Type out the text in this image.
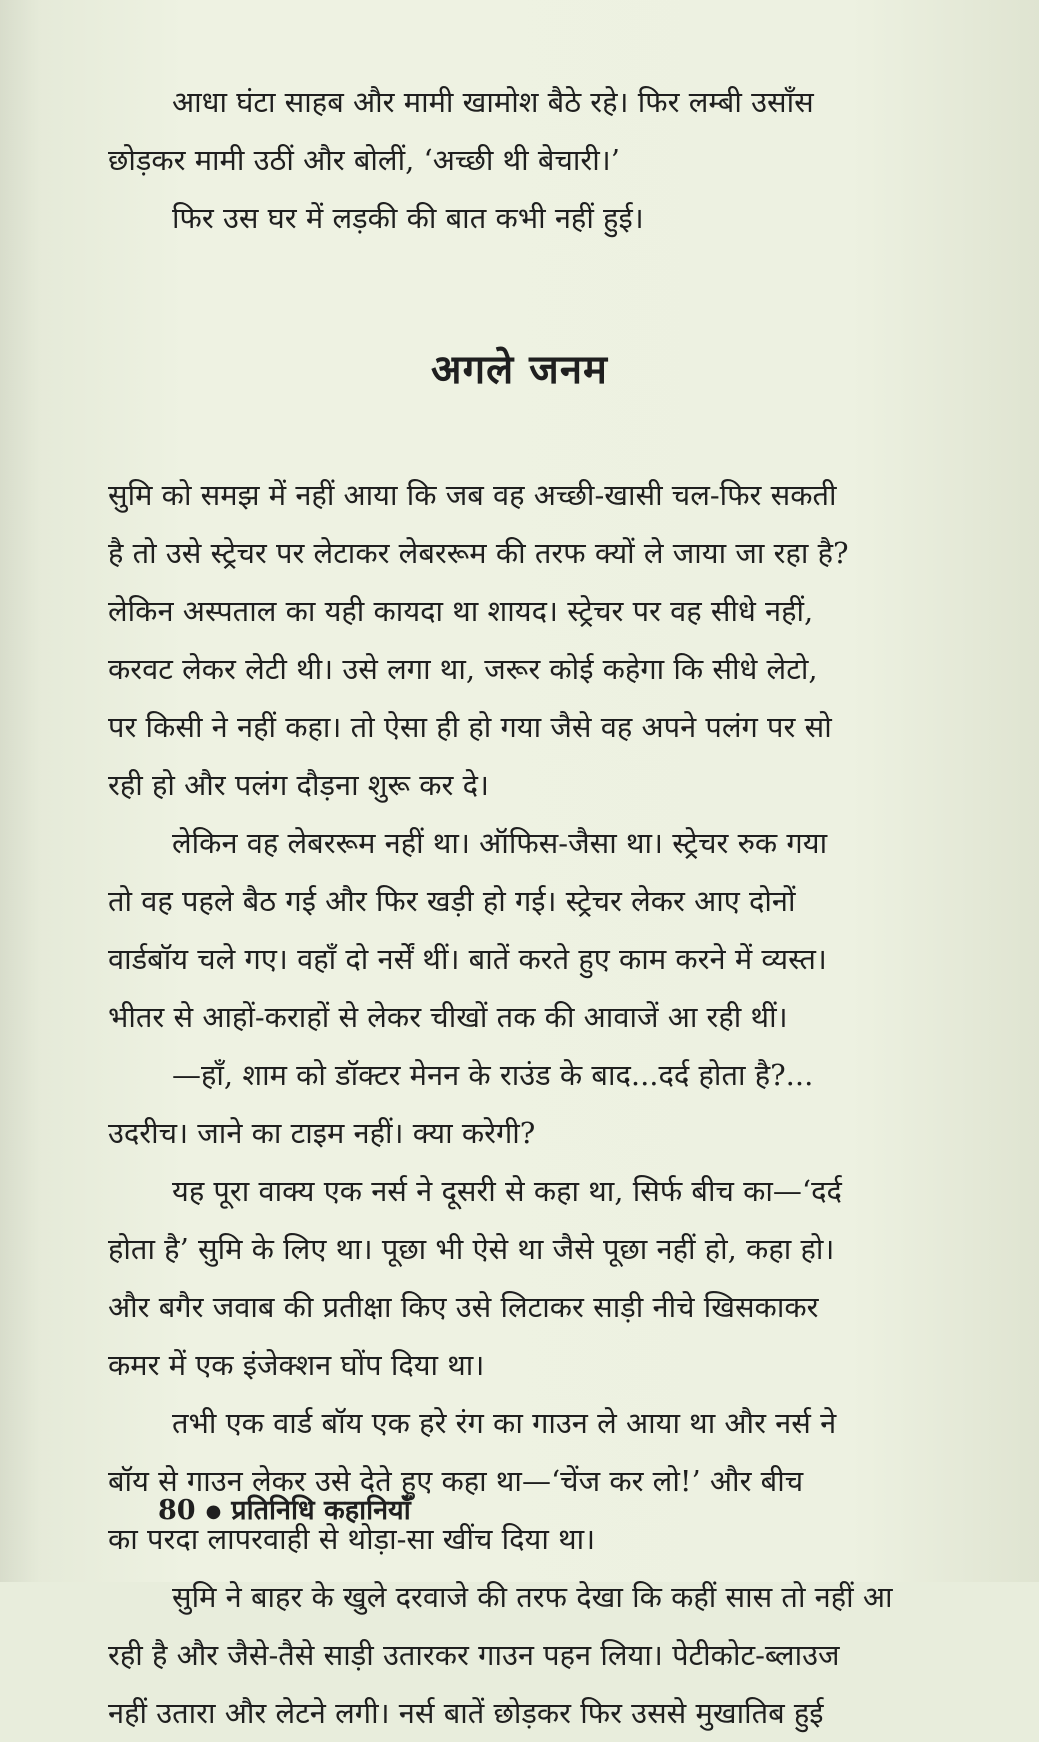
आधा घंटा साहब और मामी खामोश बैठे रहे। फिर लम्बी उसाँस
छोड़कर मामी उठीं और बोलीं, ‘अच्छी थी बेचारी।’
फिर उस घर में लड़की की बात कभी नहीं हुई।
अगले जनम
सुमि को समझ में नहीं आया कि जब वह अच्छी-खासी चल-फिर सकती
है तो उसे स्ट्रेचर पर लेटाकर लेबररूम की तरफ क्यों ले जाया जा रहा है?
लेकिन अस्पताल का यही कायदा था शायद। स्ट्रेचर पर वह सीधे नहीं,
करवट लेकर लेटी थी। उसे लगा था, जरूर कोई कहेगा कि सीधे लेटो,
पर किसी ने नहीं कहा। तो ऐसा ही हो गया जैसे वह अपने पलंग पर सो
रही हो और पलंग दौड़ना शुरू कर दे।
लेकिन वह लेबररूम नहीं था। ऑफिस-जैसा था। स्ट्रेचर रुक गया
तो वह पहले बैठ गई और फिर खड़ी हो गई। स्ट्रेचर लेकर आए दोनों
वार्डबॉय चले गए। वहाँ दो नर्सें थीं। बातें करते हुए काम करने में व्यस्त।
भीतर से आहों-कराहों से लेकर चीखों तक की आवाजें आ रही थीं।
—हाँ, शाम को डॉक्टर मेनन के राउंड के बाद...दर्द होता है?...
उदरीच। जाने का टाइम नहीं। क्या करेगी?
यह पूरा वाक्य एक नर्स ने दूसरी से कहा था, सिर्फ बीच का—‘दर्द
होता है’ सुमि के लिए था। पूछा भी ऐसे था जैसे पूछा नहीं हो, कहा हो।
और बगैर जवाब की प्रतीक्षा किए उसे लिटाकर साड़ी नीचे खिसकाकर
कमर में एक इंजेक्शन घोंप दिया था।
तभी एक वार्ड बॉय एक हरे रंग का गाउन ले आया था और नर्स ने
बॉय से गाउन लेकर उसे देते हुए कहा था—‘चेंज कर लो!’ और बीच
का परदा लापरवाही से थोड़ा-सा खींच दिया था।
सुमि ने बाहर के खुले दरवाजे की तरफ देखा कि कहीं सास तो नहीं आ
रही है और जैसे-तैसे साड़ी उतारकर गाउन पहन लिया। पेटीकोट-ब्लाउज
नहीं उतारा और लेटने लगी। नर्स बातें छोड़कर फिर उससे मुखातिब हुई
80 ● प्रतिनिधि कहानियाँ
